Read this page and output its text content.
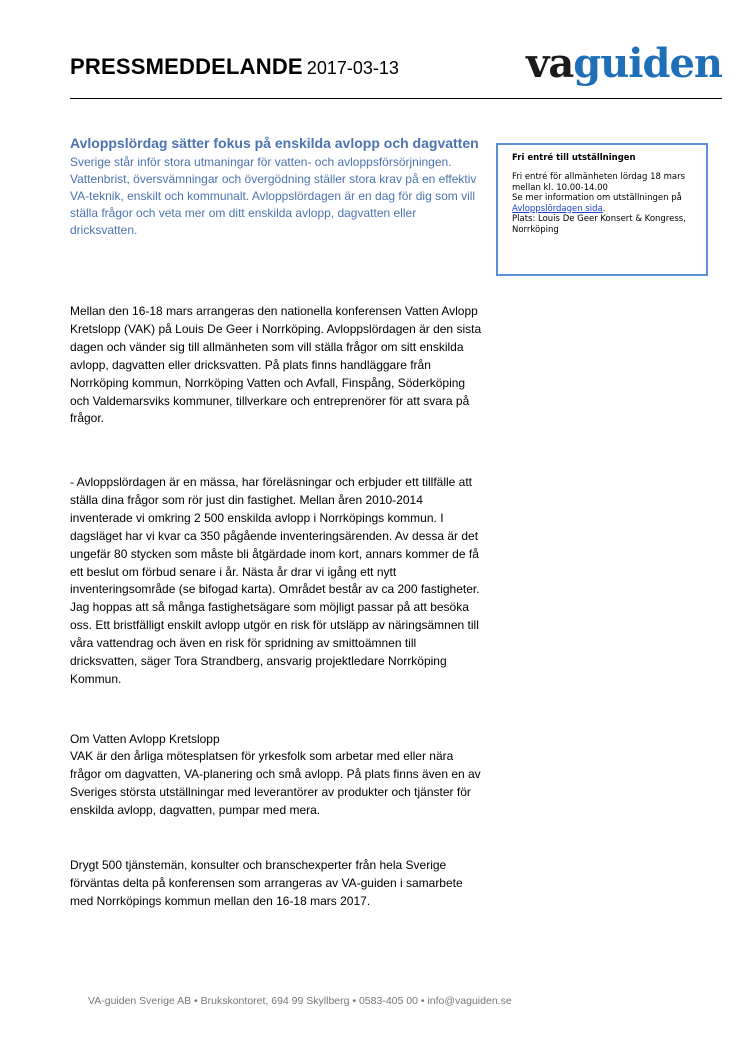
PRESSMEDDELANDE 2017-03-13	vaguiden
Avloppslördag sätter fokus på enskilda avlopp och dagvatten

Sverige står inför stora utmaningar för vatten- och avloppsförsörjningen. Vattenbrist, översvämningar och övergödning ställer stora krav på en effektiv VA-teknik, enskilt och kommunalt. Avloppslördagen är en dag för dig som vill ställa frågor och veta mer om ditt enskilda avlopp, dagvatten eller dricksvatten.

Fri entré till utställningen
Fri entré för allmänheten lördag 18 mars mellan kl. 10.00-14.00
Se mer information om utställningen på Avloppslördagen sida.
Plats: Louis De Geer Konsert & Kongress, Norrköping

Mellan den 16-18 mars arrangeras den nationella konferensen Vatten Avlopp Kretslopp (VAK) på Louis De Geer i Norrköping. Avloppslördagen är den sista dagen och vänder sig till allmänheten som vill ställa frågor om sitt enskilda avlopp, dagvatten eller dricksvatten. På plats finns handläggare från Norrköping kommun, Norrköping Vatten och Avfall, Finspång, Söderköping och Valdemarsviks kommuner, tillverkare och entreprenörer för att svara på frågor.

- Avloppslördagen är en mässa, har föreläsningar och erbjuder ett tillfälle att ställa dina frågor som rör just din fastighet. Mellan åren 2010-2014 inventerade vi omkring 2 500 enskilda avlopp i Norrköpings kommun. I dagsläget har vi kvar ca 350 pågående inventeringsärenden. Av dessa är det ungefär 80 stycken som måste bli åtgärdade inom kort, annars kommer de få ett beslut om förbud senare i år. Nästa år drar vi igång ett nytt inventeringsområde (se bifogad karta). Området består av ca 200 fastigheter. Jag hoppas att så många fastighetsägare som möjligt passar på att besöka oss. Ett bristfälligt enskilt avlopp utgör en risk för utsläpp av näringsämnen till våra vattendrag och även en risk för spridning av smittoämnen till dricksvatten, säger Tora Strandberg, ansvarig projektledare Norrköping Kommun.

Om Vatten Avlopp Kretslopp

VAK är den årliga mötesplatsen för yrkesfolk som arbetar med eller nära frågor om dagvatten, VA-planering och små avlopp. På plats finns även en av Sveriges största utställningar med leverantörer av produkter och tjänster för enskilda avlopp, dagvatten, pumpar med mera.

Drygt 500 tjänstemän, konsulter och branschexperter från hela Sverige förväntas delta på konferensen som arrangeras av VA-guiden i samarbete med Norrköpings kommun mellan den 16-18 mars 2017.

VA-guiden Sverige AB • Brukskontoret, 694 99 Skyllberg • 0583-405 00 • info@vaguiden.se
